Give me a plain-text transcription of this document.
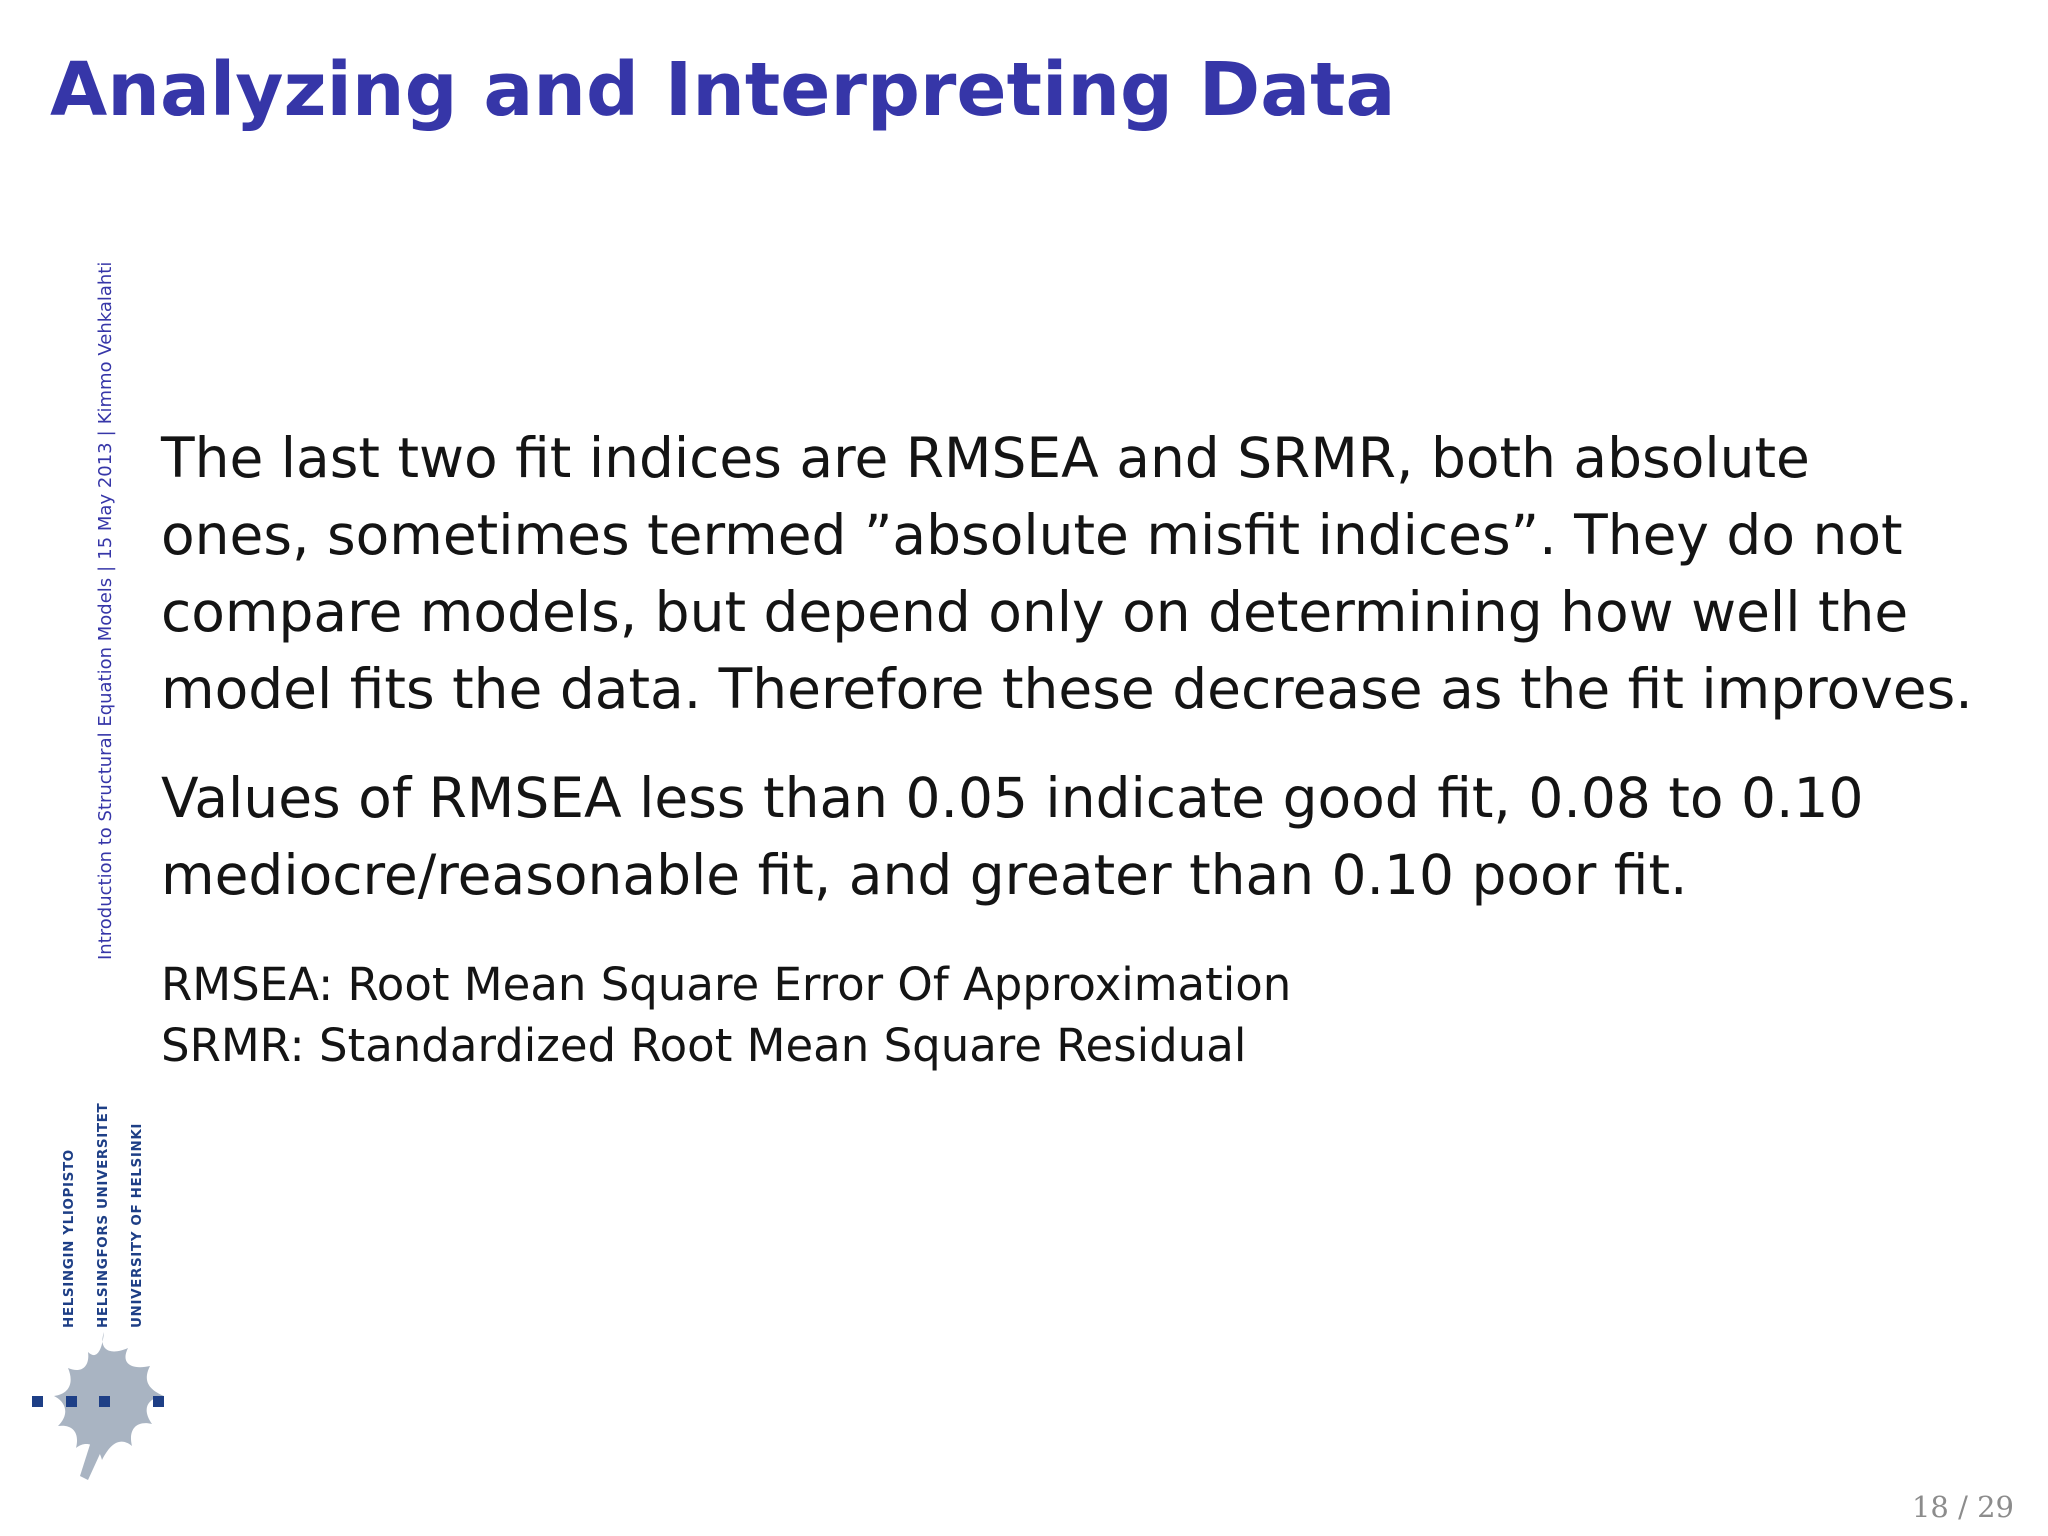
Analyzing and Interpreting Data
Introduction to Structural Equation Models
|
15 May 2013
|
Kimmo Vehkalahti
HELSINGIN YLIOPISTO	HELSINGFORS UNIVERSITET	UNIVERSITY OF HELSINKI

The last two fit indices are RMSEA and SRMR, both absolute
ones, sometimes termed ”absolute misfit indices”. They do not
compare models, but depend only on determining how well the
model fits the data. Therefore these decrease as the fit improves.

Values of RMSEA less than 0.05 indicate good fit, 0.08 to 0.10
mediocre/reasonable fit, and greater than 0.10 poor fit.

RMSEA: Root Mean Square Error Of Approximation
SRMR: Standardized Root Mean Square Residual
18 / 29
